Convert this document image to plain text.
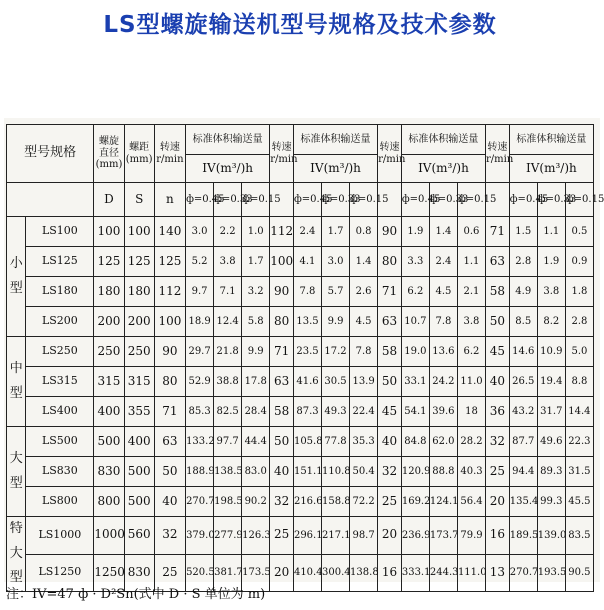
LS型螺旋输送机型号规格及技术参数
型号规格		螺旋直径(mm)	螺距(mm)	转速r/min	标准体积输送量			转速r/min	标准体积输送量			转速r/min	标准体积输送量			转速r/min	标准体积输送量		
					IV(m³/)h				IV(m³/)h				IV(m³/)h				IV(m³/)h		
		D	S	n	ф=0.45	ф=0.33	ф=0.15		ф=0.45	ф=0.33	ф=0.15		ф=0.45	ф=0.33	ф=0.15		ф=0.45	ф=0.33	ф=0.15
小型	LS100	100	100	140	3.0	2.2	1.0	112	2.4	1.7	0.8	90	1.9	1.4	0.6	71	1.5	1.1	0.5
	LS125	125	125	125	5.2	3.8	1.7	100	4.1	3.0	1.4	80	3.3	2.4	1.1	63	2.8	1.9	0.9
	LS180	180	180	112	9.7	7.1	3.2	90	7.8	5.7	2.6	71	6.2	4.5	2.1	58	4.9	3.8	1.8
	LS200	200	200	100	18.9	12.4	5.8	80	13.5	9.9	4.5	63	10.7	7.8	3.8	50	8.5	8.2	2.8
中型	LS250	250	250	90	29.7	21.8	9.9	71	23.5	17.2	7.8	58	19.0	13.6	6.2	45	14.6	10.9	5.0
	LS315	315	315	80	52.9	38.8	17.8	63	41.6	30.5	13.9	50	33.1	24.2	11.0	40	26.5	19.4	8.8
	LS400	400	355	71	85.3	82.5	28.4	58	87.3	49.3	22.4	45	54.1	39.6	18	36	43.2	31.7	14.4
大型	LS500	500	400	63	133.2	97.7	44.4	50	105.8	77.8	35.3	40	84.8	62.0	28.2	32	87.7	49.6	22.3
	LS830	830	500	50	188.9	138.5	83.0	40	151.1	110.8	50.4	32	120.9	88.8	40.3	25	94.4	89.3	31.5
	LS800	800	500	40	270.7	198.5	90.2	32	216.6	158.8	72.2	25	169.2	124.1	56.4	20	135.4	99.3	45.5
特大型	LS1000	1000	560	32	379.0	277.9	126.3	25	296.1	217.1	98.7	20	236.9	173.7	79.9	16	189.5	139.0	83.5
	LS1250	1250	830	25	520.5	381.7	173.5	20	410.4	300.4	138.8	16	333.1	244.3	111.0	13	270.7	193.5	90.5
注：IV=47 ф · D²Sn(式中 D · S 单位为 m)
